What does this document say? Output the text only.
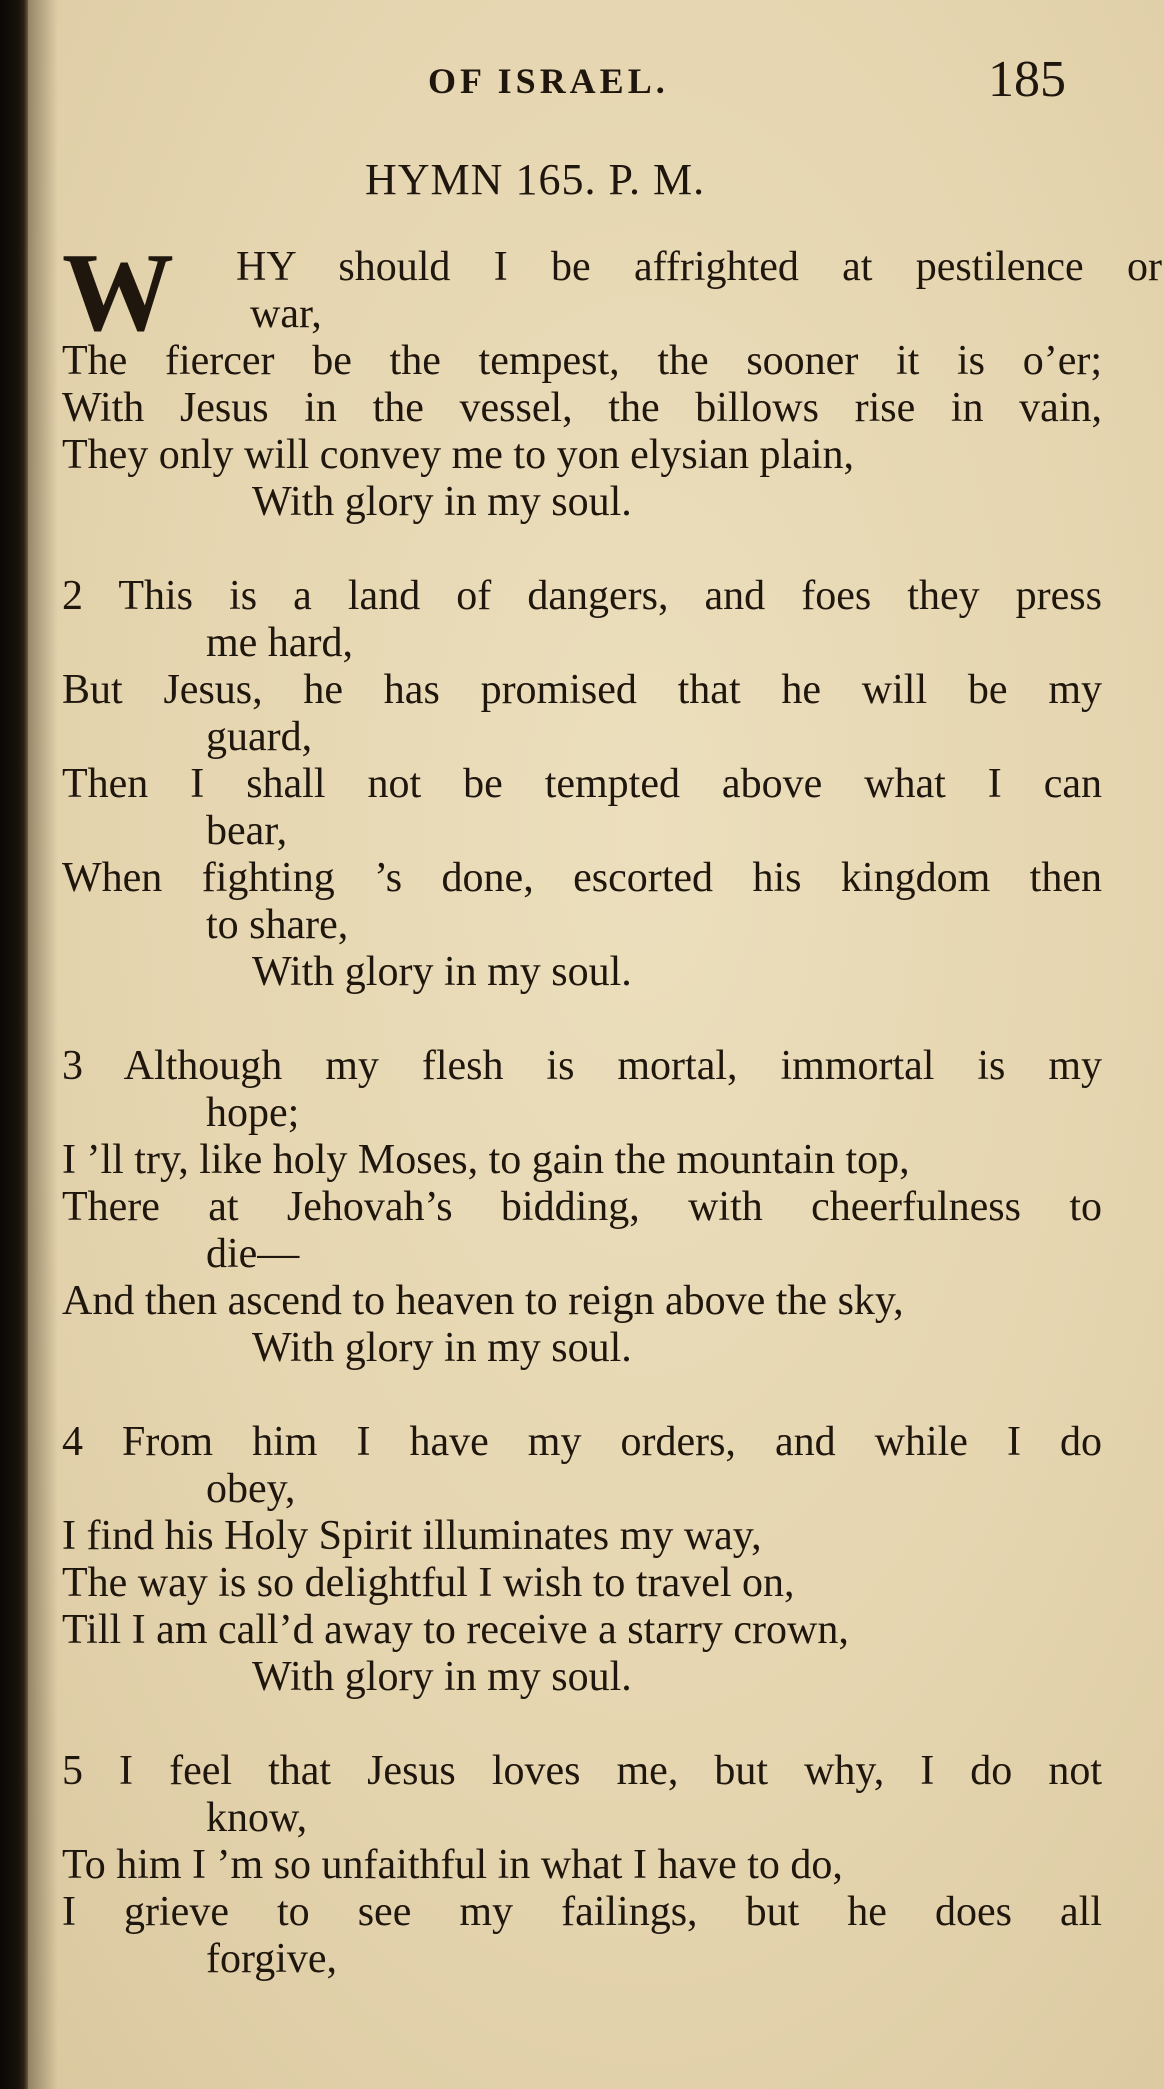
OF ISRAEL.	185
HYMN 165. P. M.
W HY should I be affrighted at pestilence or
war,
The fiercer be the tempest, the sooner it is o’er;
With Jesus in the vessel, the billows rise in vain,
They only will convey me to yon elysian plain,
With glory in my soul.
2 This is a land of dangers, and foes they press
me hard,
But Jesus, he has promised that he will be my
guard,
Then I shall not be tempted above what I can
bear,
When fighting ’s done, escorted his kingdom then
to share,
With glory in my soul.
3 Although my flesh is mortal, immortal is my
hope;
I ’ll try, like holy Moses, to gain the mountain top,
There at Jehovah’s bidding, with cheerfulness to
die—
And then ascend to heaven to reign above the sky,
With glory in my soul.
4 From him I have my orders, and while I do
obey,
I find his Holy Spirit illuminates my way,
The way is so delightful I wish to travel on,
Till I am call’d away to receive a starry crown,
With glory in my soul.
5 I feel that Jesus loves me, but why, I do not
know,
To him I ’m so unfaithful in what I have to do,
I grieve to see my failings, but he does all
forgive,
